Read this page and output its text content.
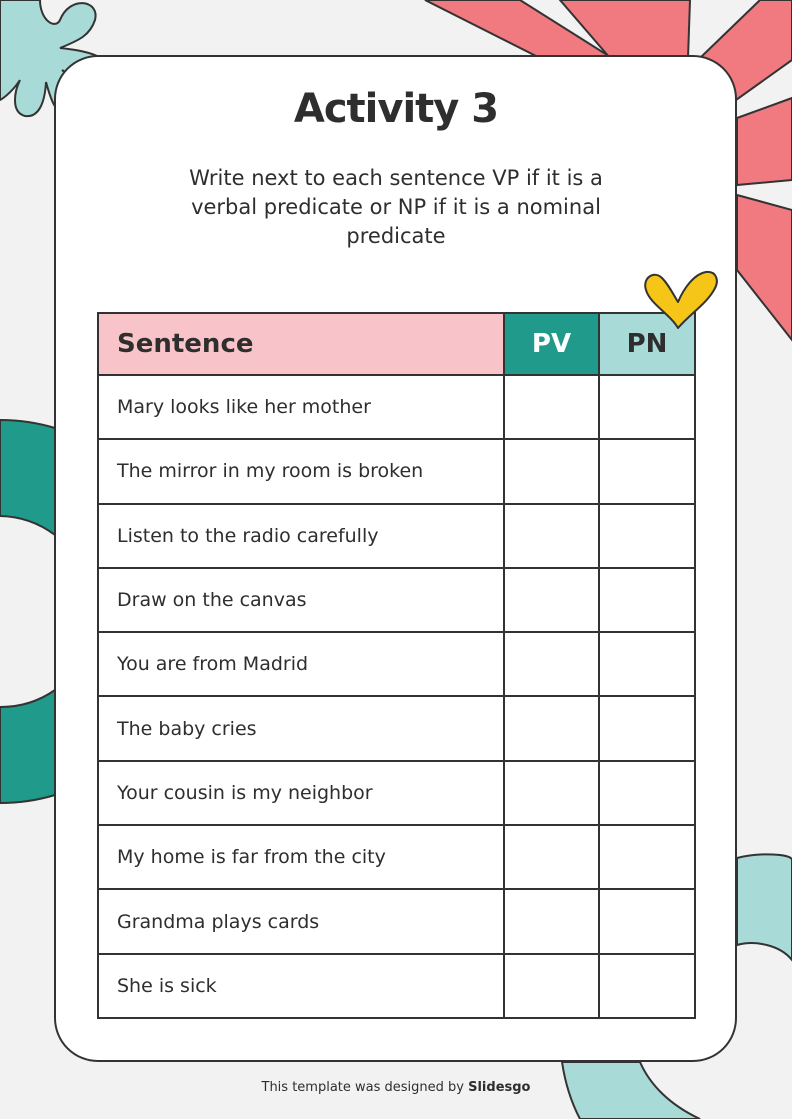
Activity 3

Write next to each sentence VP if it is a verbal predicate or NP if it is a nominal predicate

Sentence	PV	PN
Mary looks like her mother		
The mirror in my room is broken		
Listen to the radio carefully		
Draw on the canvas		
You are from Madrid		
The baby cries		
Your cousin is my neighbor		
My home is far from the city		
Grandma plays cards		
She is sick		
This template was designed by Slidesgo
